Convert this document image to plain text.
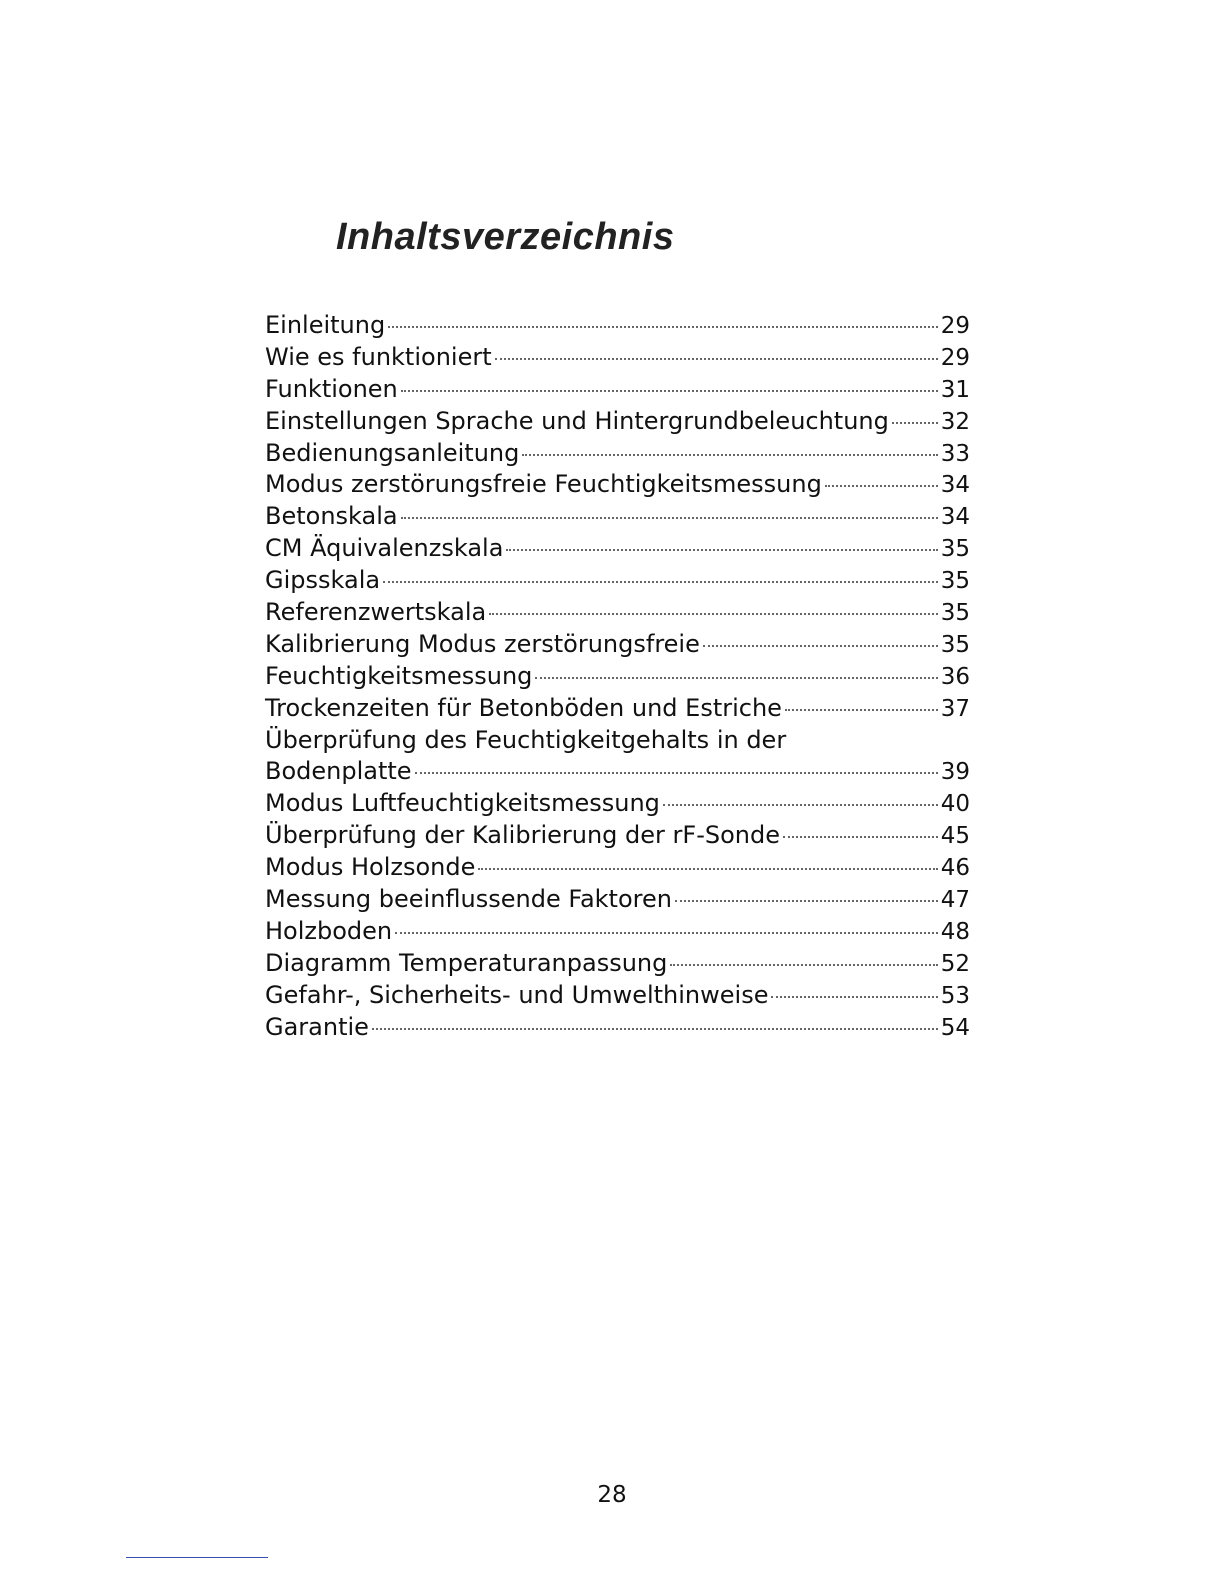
Inhaltsverzeichnis
Einleitung	29
Wie es funktioniert	29
Funktionen	31
Einstellungen Sprache und Hintergrundbeleuchtung 32
Bedienungsanleitung	33
Modus zerstörungsfreie Feuchtigkeitsmessung	34
Betonskala	34
CM Äquivalenzskala	35
Gipsskala	35
Referenzwertskala	35
Kalibrierung Modus zerstörungsfreie	35
Feuchtigkeitsmessung	36
Trockenzeiten für Betonböden und Estriche	37
Überprüfung des Feuchtigkeitgehalts in der
Bodenplatte	39
Modus Luftfeuchtigkeitsmessung	40
Überprüfung der Kalibrierung der rF-Sonde	45
Modus Holzsonde	46
Messung beeinflussende Faktoren	47
Holzboden	48
Diagramm Temperaturanpassung	52
Gefahr-, Sicherheits- und Umwelthinweise	53
Garantie	54
28
